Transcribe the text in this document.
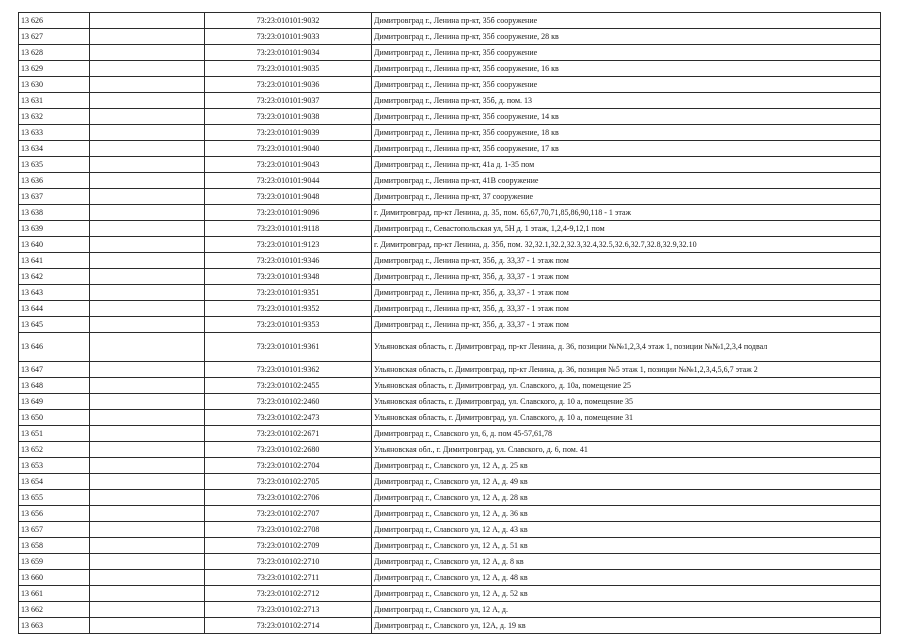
13 626		73:23:010101:9032	Димитровград г., Ленина пр-кт, 35б сооружение
13 627		73:23:010101:9033	Димитровград г., Ленина пр-кт, 35б сооружение, 28 кв
13 628		73:23:010101:9034	Димитровград г., Ленина пр-кт, 35б сооружение
13 629		73:23:010101:9035	Димитровград г., Ленина пр-кт, 35б сооружение, 16 кв
13 630		73:23:010101:9036	Димитровград г., Ленина пр-кт, 35б сооружение
13 631		73:23:010101:9037	Димитровград г., Ленина пр-кт, 35б, д. пом. 13
13 632		73:23:010101:9038	Димитровград г., Ленина пр-кт, 35б сооружение, 14 кв
13 633		73:23:010101:9039	Димитровград г., Ленина пр-кт, 35б сооружение, 18 кв
13 634		73:23:010101:9040	Димитровград г., Ленина пр-кт, 35б сооружение, 17 кв
13 635		73:23:010101:9043	Димитровград г., Ленина пр-кт, 41а д. 1-35 пом
13 636		73:23:010101:9044	Димитровград г., Ленина пр-кт, 41В сооружение
13 637		73:23:010101:9048	Димитровград г., Ленина пр-кт, 37 сооружение
13 638		73:23:010101:9096	г. Димитровград, пр-кт Ленина, д. 35, пом. 65,67,70,71,85,86,90,118 - 1 этаж
13 639		73:23:010101:9118	Димитровград г., Севастопольская ул, 5Н д. 1 этаж, 1,2,4-9,12,1 пом
13 640		73:23:010101:9123	г. Димитровград, пр-кт Ленина, д. 35б, пом. 32,32.1,32.2,32.3,32.4,32.5,32.6,32.7,32.8,32.9,32.10
13 641		73:23:010101:9346	Димитровград г., Ленина пр-кт, 35б, д. 33,37 - 1 этаж пом
13 642		73:23:010101:9348	Димитровград г., Ленина пр-кт, 35б, д. 33,37 - 1 этаж пом
13 643		73:23:010101:9351	Димитровград г., Ленина пр-кт, 35б, д. 33,37 - 1 этаж пом
13 644		73:23:010101:9352	Димитровград г., Ленина пр-кт, 35б, д. 33,37 - 1 этаж пом
13 645		73:23:010101:9353	Димитровград г., Ленина пр-кт, 35б, д. 33,37 - 1 этаж пом
13 646		73:23:010101:9361	Ульяновская область, г. Димитровград, пр-кт Ленина, д. 36, позиции №№1,2,3,4 этаж 1, позиции №№1,2,3,4 подвал
13 647		73:23:010101:9362	Ульяновская область, г. Димитровград, пр-кт Ленина, д. 36, позиция №5 этаж 1, позиции №№1,2,3,4,5,6,7 этаж 2
13 648		73:23:010102:2455	Ульяновская область, г. Димитровград, ул. Славского, д. 10а, помещение 25
13 649		73:23:010102:2460	Ульяновская область, г. Димитровград, ул. Славского, д. 10 а, помещение 35
13 650		73:23:010102:2473	Ульяновская область, г. Димитровград, ул. Славского, д. 10 а, помещение 31
13 651		73:23:010102:2671	Димитровград г., Славского ул, 6, д. пом 45-57,61,78
13 652		73:23:010102:2680	Ульяновская обл., г. Димитровград, ул. Славского, д. 6, пом. 41
13 653		73:23:010102:2704	Димитровград г., Славского ул, 12 А, д. 25 кв
13 654		73:23:010102:2705	Димитровград г., Славского ул, 12 А, д. 49 кв
13 655		73:23:010102:2706	Димитровград г., Славского ул, 12 А, д. 28 кв
13 656		73:23:010102:2707	Димитровград г., Славского ул, 12 А, д. 36 кв
13 657		73:23:010102:2708	Димитровград г., Славского ул, 12 А, д. 43 кв
13 658		73:23:010102:2709	Димитровград г., Славского ул, 12 А, д. 51 кв
13 659		73:23:010102:2710	Димитровград г., Славского ул, 12 А, д. 8 кв
13 660		73:23:010102:2711	Димитровград г., Славского ул, 12 А, д. 48 кв
13 661		73:23:010102:2712	Димитровград г., Славского ул, 12 А, д. 52 кв
13 662		73:23:010102:2713	Димитровград г., Славского ул, 12 А, д.
13 663		73:23:010102:2714	Димитровград г., Славского ул, 12А, д. 19 кв
